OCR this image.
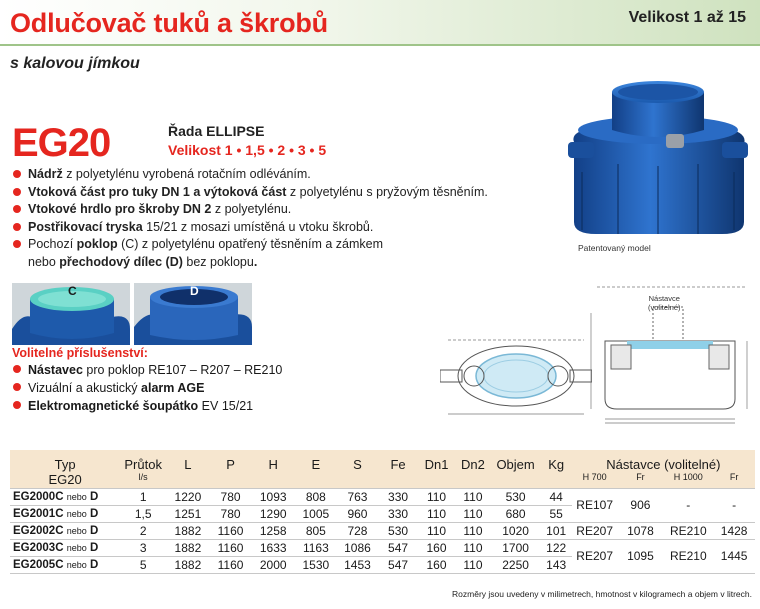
Odlučovač tuků a škrobů	Velikost 1 až 15
s kalovou jímkou
EG20	Řada ELLIPSE
Velikost 1 • 1,5 • 2 • 3 • 5
Nádrž z polyetylénu vyrobená rotačním odléváním.
Vtoková část pro tuky DN 1 a výtoková část z polyetylénu s pryžovým těsněním.
Vtokové hrdlo pro škroby DN 2 z polyetylénu.
Postřikovací tryska 15/21 z mosazi umístěná u vtoku škrobů.
Pochozí poklop (C) z polyetylénu opatřený těsněním a zámkem
nebo přechodový dílec (D) bez poklopu.
Patentovaný model
C	D
Volitelné příslušenství:
Nástavec pro poklop RE107 – R207 – RE210
Vizuální a akustický alarm AGE
Elektromagnetické šoupátko EV 15/21
Nástavce
(volitelné)
Typ	Průtok	L	P	H	E	S	Fe	Dn1	Dn2	Objem	Kg	Nástavce (volitelné)			
EG20	l/s											H 700	Fr	H 1000	Fr
EG2000C nebo D	1	1220	780	1093	808	763	330	110	110	530	44	RE107	906	-	-
EG2001C nebo D	1,5	1251	780	1290	1005	960	330	110	110	680	55				
EG2002C nebo D	2	1882	1160	1258	805	728	530	110	110	1020	101	RE207	1078	RE210	1428
EG2003C nebo D	3	1882	1160	1633	1163	1086	547	160	110	1700	122	RE207	1095	RE210	1445
EG2005C nebo D	5	1882	1160	2000	1530	1453	547	160	110	2250	143				
Rozměry jsou uvedeny v milimetrech, hmotnost v kilogramech a objem v litrech.
